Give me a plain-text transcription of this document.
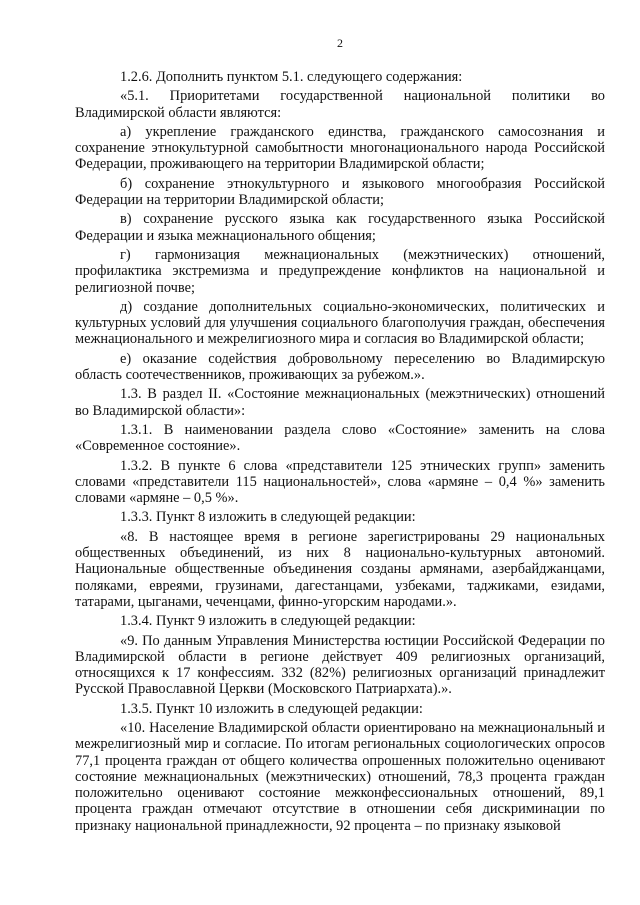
2

1.2.6. Дополнить пунктом 5.1. следующего содержания:

«5.1. Приоритетами государственной национальной политики во Владимирской области являются:

а) укрепление гражданского единства, гражданского самосознания и сохранение этнокультурной самобытности многонационального народа Российской Федерации, проживающего на территории Владимирской области;

б) сохранение этнокультурного и языкового многообразия Российской Федерации на территории Владимирской области;

в) сохранение русского языка как государственного языка Российской Федерации и языка межнационального общения;

г) гармонизация межнациональных (межэтнических) отношений, профилактика экстремизма и предупреждение конфликтов на национальной и религиозной почве;

д) создание дополнительных социально-экономических, политических и культурных условий для улучшения социального благополучия граждан, обеспечения межнационального и межрелигиозного мира и согласия во Владимирской области;

е) оказание содействия добровольному переселению во Владимирскую область соотечественников, проживающих за рубежом.».

1.3. В раздел II. «Состояние межнациональных (межэтнических) отношений во Владимирской области»:

1.3.1. В наименовании раздела слово «Состояние» заменить на слова «Современное состояние».

1.3.2. В пункте 6 слова «представители 125 этнических групп» заменить словами «представители 115 национальностей», слова «армяне – 0,4 %» заменить словами «армяне – 0,5 %».

1.3.3. Пункт 8 изложить в следующей редакции:

«8. В настоящее время в регионе зарегистрированы 29 национальных общественных объединений, из них 8 национально-культурных автономий. Национальные общественные объединения созданы армянами, азербайджанцами, поляками, евреями, грузинами, дагестанцами, узбеками, таджиками, езидами, татарами, цыганами, чеченцами, финно-угорским народами.».

1.3.4. Пункт 9 изложить в следующей редакции:

«9. По данным Управления Министерства юстиции Российской Федерации по Владимирской области в регионе действует 409 религиозных организаций, относящихся к 17 конфессиям. 332 (82%) религиозных организаций принадлежит Русской Православной Церкви (Московского Патриархата).».

1.3.5. Пункт 10 изложить в следующей редакции:

«10. Население Владимирской области ориентировано на межнациональный и межрелигиозный мир и согласие. По итогам региональных социологических опросов 77,1 процента граждан от общего количества опрошенных положительно оценивают состояние межнациональных (межэтнических) отношений, 78,3 процента граждан положительно оценивают состояние межконфессиональных отношений, 89,1 процента граждан отмечают отсутствие в отношении себя дискриминации по признаку национальной принадлежности, 92 процента – по признаку языковой
